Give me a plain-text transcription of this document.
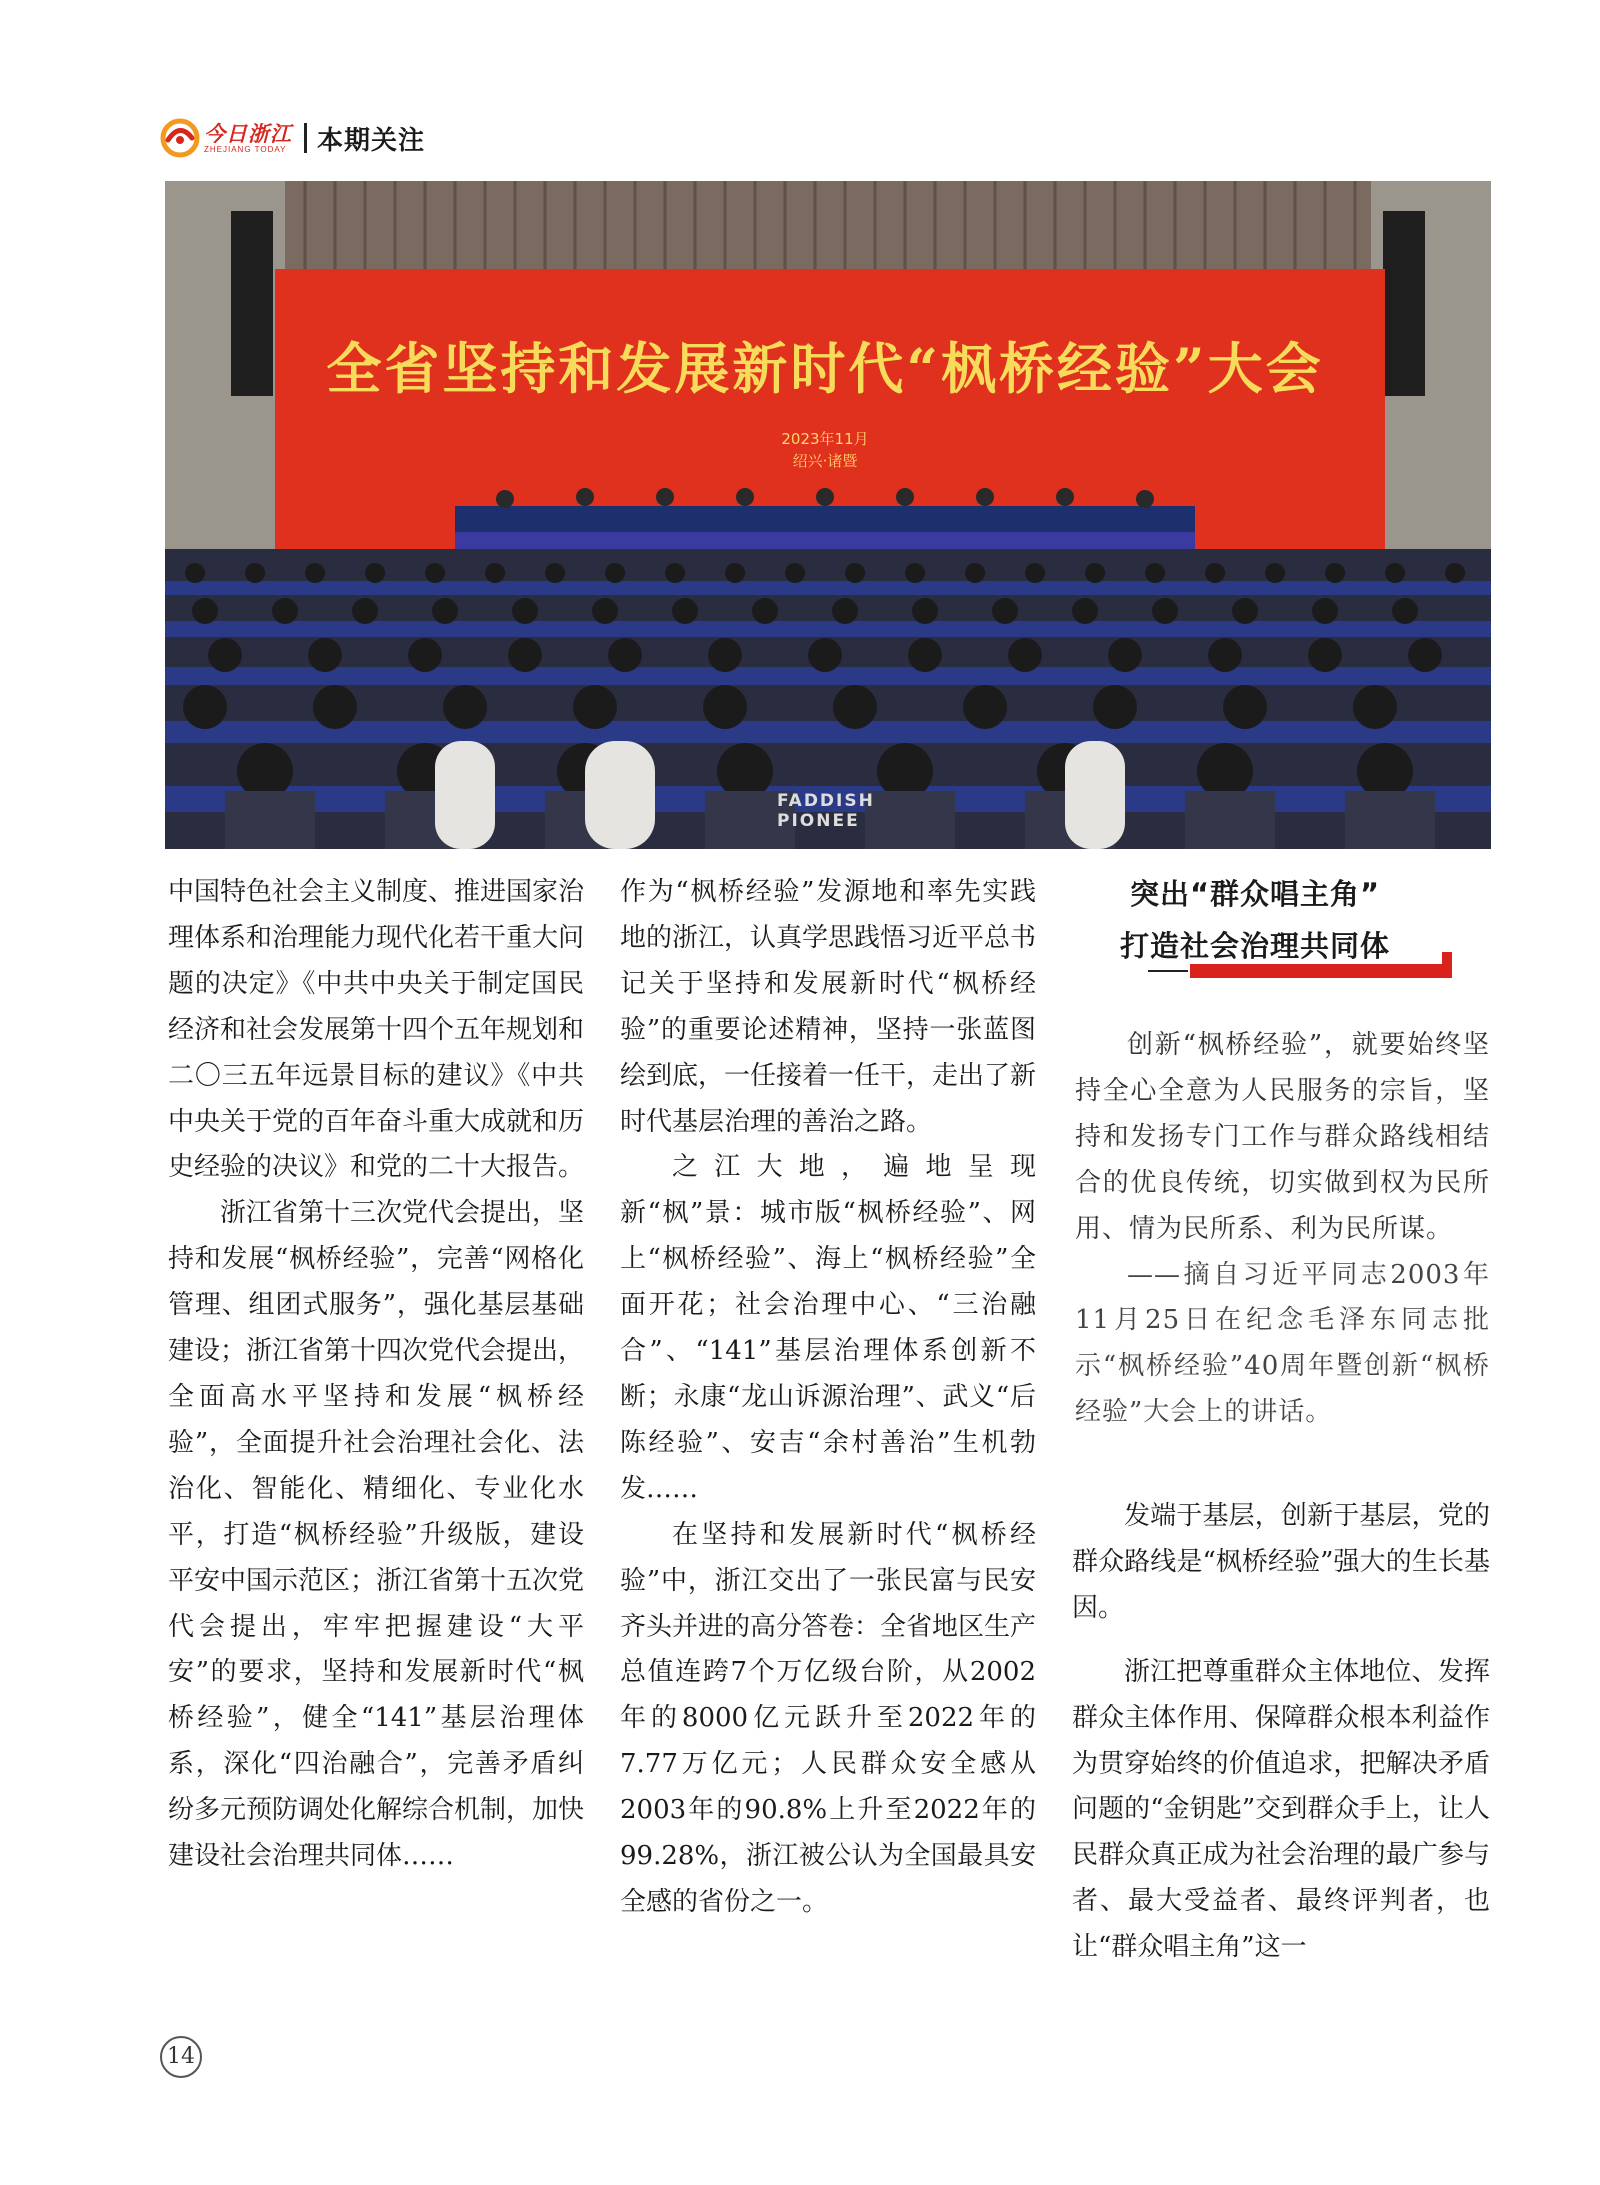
今日浙江
ZHEJIANG TODAY 本期关注
全省坚持和发展新时代“枫桥经验”大会
2023年11月
绍兴·诸暨
FADDISH
PIONEE

中国特色社会主义制度、推进国家治理体系和治理能力现代化若干重大问题的决定》《中共中央关于制定国民经济和社会发展第十四个五年规划和二〇三五年远景目标的建议》《中共中央关于党的百年奋斗重大成就和历史经验的决议》和党的二十大报告。

浙江省第十三次党代会提出，坚持和发展“枫桥经验”，完善“网格化管理、组团式服务”，强化基层基础建设；浙江省第十四次党代会提出，全面高水平坚持和发展“枫桥经验”，全面提升社会治理社会化、法治化、智能化、精细化、专业化水平，打造“枫桥经验”升级版，建设平安中国示范区；浙江省第十五次党代会提出，牢牢把握建设“大平安”的要求，坚持和发展新时代“枫桥经验”，健全“141”基层治理体系，深化“四治融合”，完善矛盾纠纷多元预防调处化解综合机制，加快建设社会治理共同体……

作为“枫桥经验”发源地和率先实践地的浙江，认真学思践悟习近平总书记关于坚持和发展新时代“枫桥经验”的重要论述精神，坚持一张蓝图绘到底，一任接着一任干，走出了新时代基层治理的善治之路。

之江大地，遍地呈现新“枫”景：城市版“枫桥经验”、网上“枫桥经验”、海上“枫桥经验”全面开花；社会治理中心、“三治融合”、“141”基层治理体系创新不断；永康“龙山诉源治理”、武义“后陈经验”、安吉“余村善治”生机勃发……

在坚持和发展新时代“枫桥经验”中，浙江交出了一张民富与民安齐头并进的高分答卷：全省地区生产总值连跨7个万亿级台阶，从2002年的8000亿元跃升至2022年的7.77万亿元；人民群众安全感从2003年的90.8%上升至2022年的99.28%，浙江被公认为全国最具安全感的省份之一。

突出“群众唱主角”
打造社会治理共同体

创新“枫桥经验”，就要始终坚持全心全意为人民服务的宗旨，坚持和发扬专门工作与群众路线相结合的优良传统，切实做到权为民所用、情为民所系、利为民所谋。

——摘自习近平同志2003年11月25日在纪念毛泽东同志批示“枫桥经验”40周年暨创新“枫桥经验”大会上的讲话。

发端于基层，创新于基层，党的群众路线是“枫桥经验”强大的生长基因。

浙江把尊重群众主体地位、发挥群众主体作用、保障群众根本利益作为贯穿始终的价值追求，把解决矛盾问题的“金钥匙”交到群众手上，让人民群众真正成为社会治理的最广参与者、最大受益者、最终评判者，也让“群众唱主角”这一

14
